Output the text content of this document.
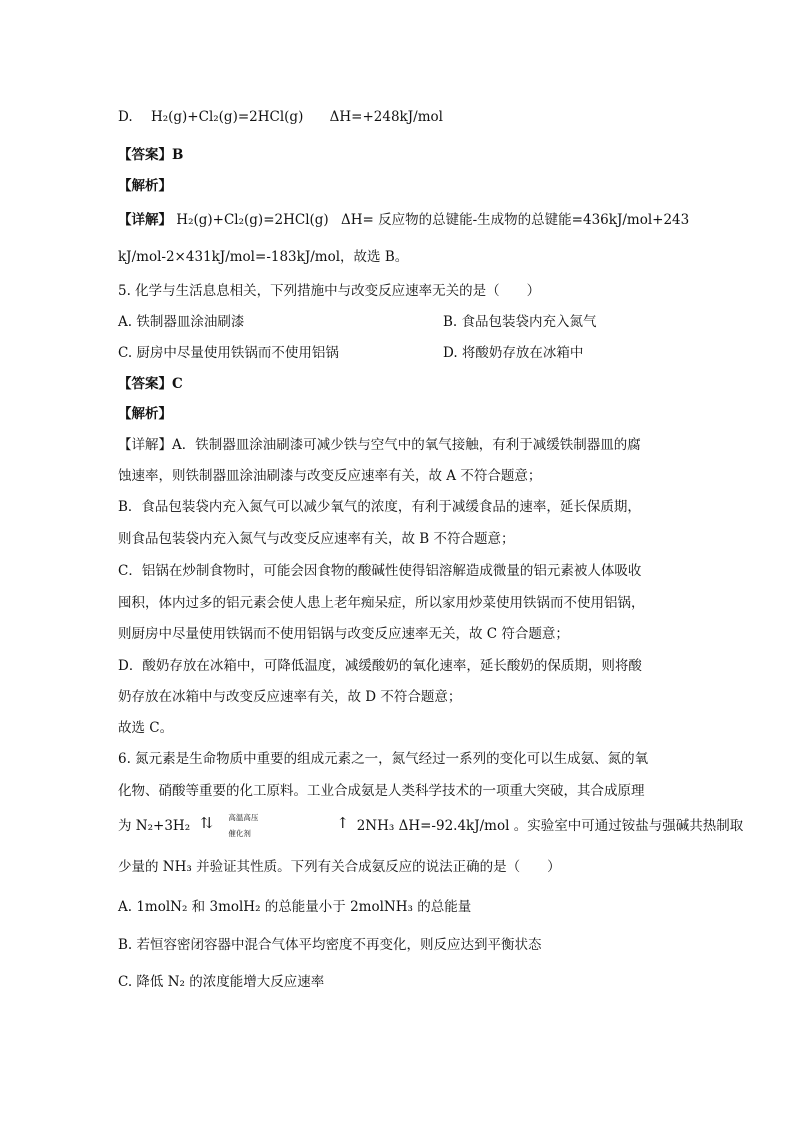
D. H₂(g)+Cl₂(g)=2HCl(g) ΔH=+248kJ/mol
【答案】B
【解析】
【详解】 H₂(g)+Cl₂(g)=2HCl(g) ΔH= 反应物的总键能-生成物的总键能=436kJ/mol+243
kJ/mol-2×431kJ/mol=-183kJ/mol，故选 B。
5. 化学与生活息息相关，下列措施中与改变反应速率无关的是（　　）
A. 铁制器皿涂油刷漆	B. 食品包装袋内充入氮气
C. 厨房中尽量使用铁锅而不使用铝锅	D. 将酸奶存放在冰箱中
【答案】C
【解析】
【详解】A．铁制器皿涂油刷漆可减少铁与空气中的氧气接触，有利于减缓铁制器皿的腐
蚀速率，则铁制器皿涂油刷漆与改变反应速率有关，故 A 不符合题意；
B．食品包装袋内充入氮气可以减少氧气的浓度，有利于减缓食品的速率，延长保质期，
则食品包装袋内充入氮气与改变反应速率有关，故 B 不符合题意；
C．铝锅在炒制食物时，可能会因食物的酸碱性使得铝溶解造成微量的铝元素被人体吸收
囤积，体内过多的铝元素会使人患上老年痴呆症，所以家用炒菜使用铁锅而不使用铝锅，
则厨房中尽量使用铁锅而不使用铝锅与改变反应速率无关，故 C 符合题意；
D．酸奶存放在冰箱中，可降低温度，减缓酸奶的氧化速率，延长酸奶的保质期，则将酸
奶存放在冰箱中与改变反应速率有关，故 D 不符合题意；
故选 C。
6. 氮元素是生命物质中重要的组成元素之一，氮气经过一系列的变化可以生成氨、氮的氧
化物、硝酸等重要的化工原料。工业合成氨是人类科学技术的一项重大突破，其合成原理
为 N₂+3H₂ ⇅ 高温高压
催化剂
↑ 2NH₃ ΔH=-92.4kJ/mol 。实验室中可通过铵盐与强碱共热制取
少量的 NH₃ 并验证其性质。下列有关合成氨反应的说法正确的是（　　）
A. 1molN₂ 和 3molH₂ 的总能量小于 2molNH₃ 的总能量
B. 若恒容密闭容器中混合气体平均密度不再变化，则反应达到平衡状态
C. 降低 N₂ 的浓度能增大反应速率
